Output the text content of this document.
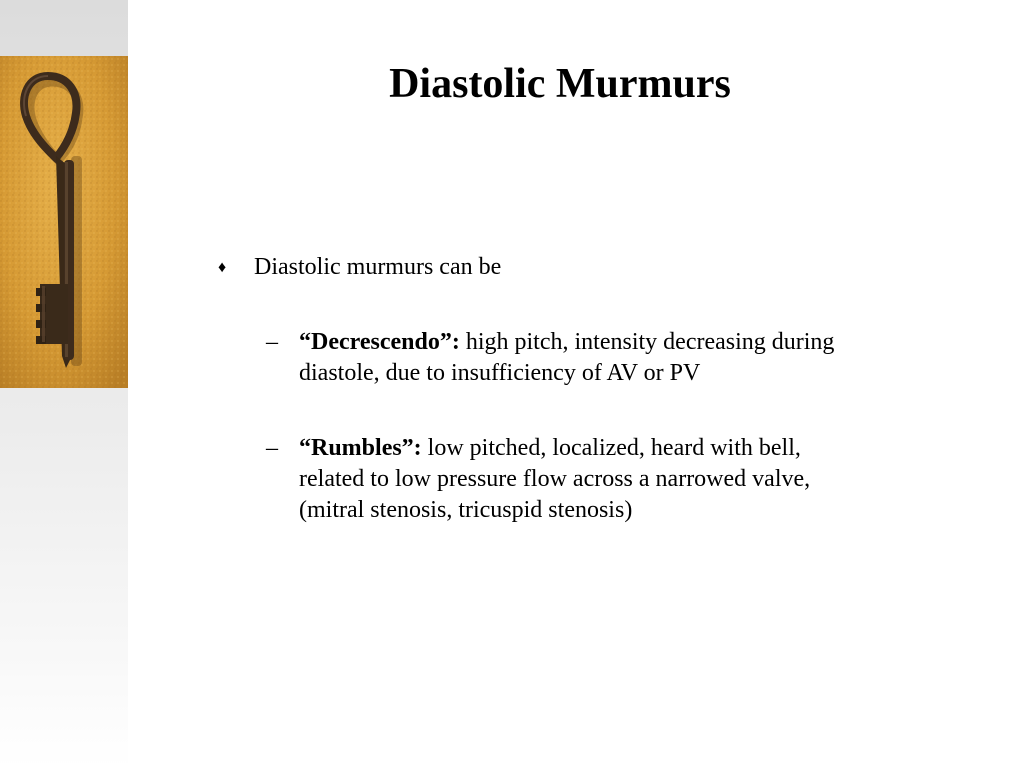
Diastolic Murmurs
♦ Diastolic murmurs can be
– “Decrescendo”: high pitch, intensity decreasing during diastole, due to insufficiency of AV or PV
– “Rumbles”: low pitched, localized, heard with bell, related to low pressure flow across a narrowed valve, (mitral stenosis, tricuspid stenosis)
